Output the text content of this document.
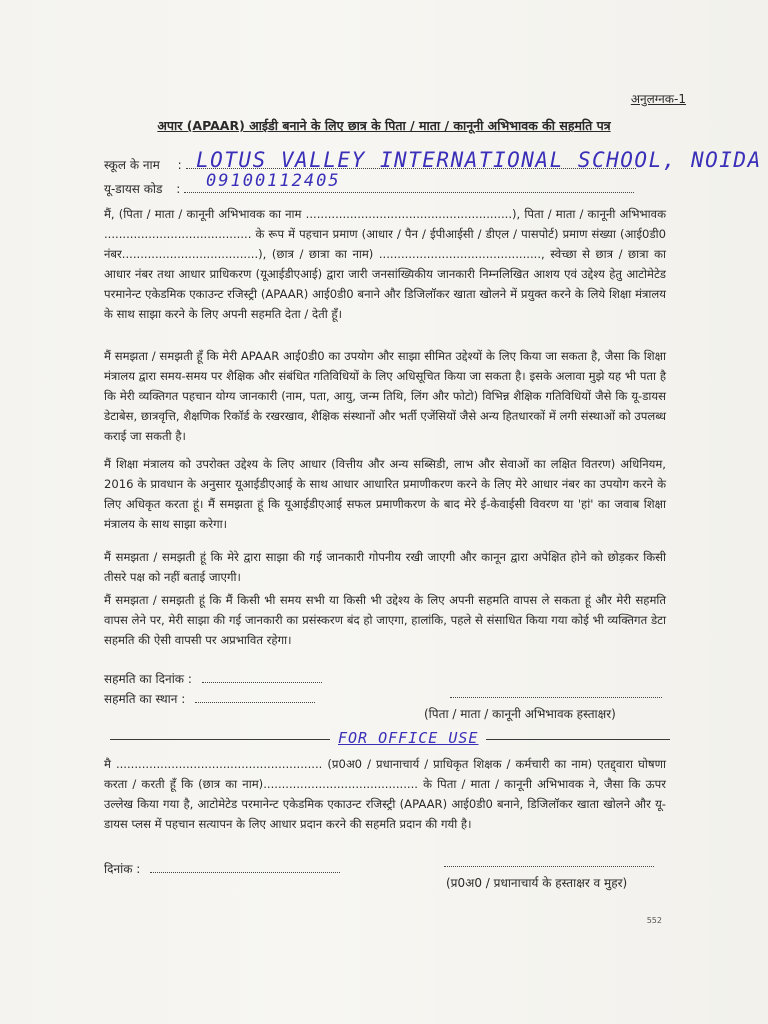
अनुलग्नक-1
अपार (APAAR) आईडी बनाने के लिए छात्र के पिता / माता / कानूनी अभिभावक की सहमति पत्र
स्कूल के नाम : LOTUS VALLEY INTERNATIONAL SCHOOL, NOIDA
यू-डायस कोड :	09100112405
मैं, (पिता / माता / कानूनी अभिभावक का नाम ........................................................), पिता / माता / कानूनी अभिभावक ........................................ के रूप में पहचान प्रमाण (आधार / पैन / ईपीआईसी / डीएल / पासपोर्ट) प्रमाण संख्या (आई0डी0 नंबर.....................................), (छात्र / छात्रा का नाम) ............................................, स्वेच्छा से छात्र / छात्रा का आधार नंबर तथा आधार प्राधिकरण (यूआईडीएआई) द्वारा जारी जनसांख्यिकीय जानकारी निम्नलिखित आशय एवं उद्देश्य हेतु आटोमेटेड परमानेन्ट एकेडमिक एकाउन्ट रजिस्ट्री (APAAR) आई0डी0 बनाने और डिजिलॉकर खाता खोलने में प्रयुक्त करने के लिये शिक्षा मंत्रालय के साथ साझा करने के लिए अपनी सहमति देता / देती हूँ।
मैं समझता / समझती हूँ कि मेरी APAAR आई0डी0 का उपयोग और साझा सीमित उद्देश्यों के लिए किया जा सकता है, जैसा कि शिक्षा मंत्रालय द्वारा समय-समय पर शैक्षिक और संबंधित गतिविधियों के लिए अधिसूचित किया जा सकता है। इसके अलावा मुझे यह भी पता है कि मेरी व्यक्तिगत पहचान योग्य जानकारी (नाम, पता, आयु, जन्म तिथि, लिंग और फोटो) विभिन्न शैक्षिक गतिविधियों जैसे कि यू-डायस डेटाबेस, छात्रवृत्ति, शैक्षणिक रिकॉर्ड के रखरखाव, शैक्षिक संस्थानों और भर्ती एजेंसियों जैसे अन्य हितधारकों में लगी संस्थाओं को उपलब्ध कराई जा सकती है।
मैं शिक्षा मंत्रालय को उपरोक्त उद्देश्य के लिए आधार (वित्तीय और अन्य सब्सिडी, लाभ और सेवाओं का लक्षित वितरण) अधिनियम, 2016 के प्रावधान के अनुसार यूआईडीएआई के साथ आधार आधारित प्रमाणीकरण करने के लिए मेरे आधार नंबर का उपयोग करने के लिए अधिकृत करता हूं। मैं समझता हूं कि यूआईडीएआई सफल प्रमाणीकरण के बाद मेरे ई-केवाईसी विवरण या 'हां' का जवाब शिक्षा मंत्रालय के साथ साझा करेगा।
मैं समझता / समझती हूं कि मेरे द्वारा साझा की गई जानकारी गोपनीय रखी जाएगी और कानून द्वारा अपेक्षित होने को छोड़कर किसी तीसरे पक्ष को नहीं बताई जाएगी।
मैं समझता / समझती हूं कि मैं किसी भी समय सभी या किसी भी उद्देश्य के लिए अपनी सहमति वापस ले सकता हूं और मेरी सहमति वापस लेने पर, मेरी साझा की गई जानकारी का प्रसंस्करण बंद हो जाएगा, हालांकि, पहले से संसाधित किया गया कोई भी व्यक्तिगत डेटा सहमति की ऐसी वापसी पर अप्रभावित रहेगा।
सहमति का दिनांक :
सहमति का स्थान :
(पिता / माता / कानूनी अभिभावक हस्ताक्षर)
FOR OFFICE USE
मै ........................................................ (प्र0अ0 / प्रधानाचार्य / प्राधिकृत शिक्षक / कर्मचारी का नाम) एतद्द्वारा घोषणा करता / करती हूँ कि (छात्र का नाम).......................................... के पिता / माता / कानूनी अभिभावक ने, जैसा कि ऊपर उल्लेख किया गया है, आटोमेटेड परमानेन्ट एकेडमिक एकाउन्ट रजिस्ट्री (APAAR) आई0डी0 बनाने, डिजिलॉकर खाता खोलने और यू-डायस प्लस में पहचान सत्यापन के लिए आधार प्रदान करने की सहमति प्रदान की गयी है।
दिनांक :
(प्र0अ0 / प्रधानाचार्य के हस्ताक्षर व मुहर)
552
